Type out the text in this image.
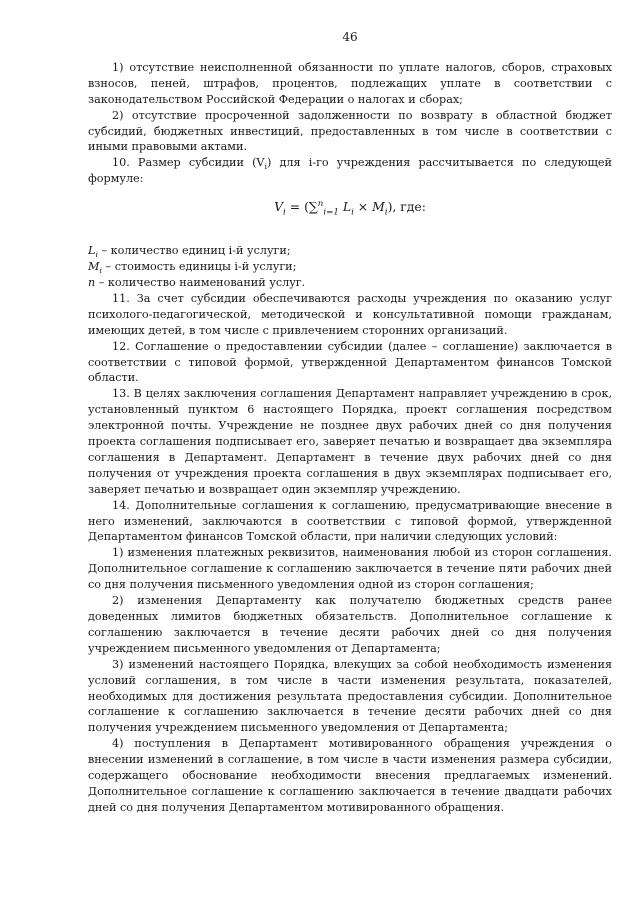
46

1) отсутствие неисполненной обязанности по уплате налогов, сборов, страховых взносов, пеней, штрафов, процентов, подлежащих уплате в соответствии с законодательством Российской Федерации о налогах и сборах;

2) отсутствие просроченной задолженности по возврату в областной бюджет субсидий, бюджетных инвестиций, предоставленных в том числе в соответствии с иными правовыми актами.

10. Размер субсидии $(V_i)$ для i-го учреждения рассчитывается по следующей формуле:

$V_i = (\sum^n_{i=1}$ $L_i \times M_i$), где:

$L_i$ – количество единиц i-й услуги;

$M_i$ – стоимость единицы i-й услуги;

n – количество наименований услуг.

11. За счет субсидии обеспечиваются расходы учреждения по оказанию услуг психолого-педагогической, методической и консультативной помощи гражданам, имеющих детей, в том числе с привлечением сторонних организаций.

12. Соглашение о предоставлении субсидии (далее – соглашение) заключается в соответствии с типовой формой, утвержденной Департаментом финансов Томской области.

13. В целях заключения соглашения Департамент направляет учреждению в срок, установленный пунктом 6 настоящего Порядка, проект соглашения посредством электронной почты. Учреждение не позднее двух рабочих дней со дня получения проекта соглашения подписывает его, заверяет печатью и возвращает два экземпляра соглашения в Департамент. Департамент в течение двух рабочих дней со дня получения от учреждения проекта соглашения в двух экземплярах подписывает его, заверяет печатью и возвращает один экземпляр учреждению.

14. Дополнительные соглашения к соглашению, предусматривающие внесение в него изменений, заключаются в соответствии с типовой формой, утвержденной Департаментом финансов Томской области, при наличии следующих условий:

1) изменения платежных реквизитов, наименования любой из сторон соглашения. Дополнительное соглашение к соглашению заключается в течение пяти рабочих дней со дня получения письменного уведомления одной из сторон соглашения;

2) изменения Департаменту как получателю бюджетных средств ранее доведенных лимитов бюджетных обязательств. Дополнительное соглашение к соглашению заключается в течение десяти рабочих дней со дня получения учреждением письменного уведомления от Департамента;

3) изменений настоящего Порядка, влекущих за собой необходимость изменения условий соглашения, в том числе в части изменения результата, показателей, необходимых для достижения результата предоставления субсидии. Дополнительное соглашение к соглашению заключается в течение десяти рабочих дней со дня получения учреждением письменного уведомления от Департамента;

4) поступления в Департамент мотивированного обращения учреждения о внесении изменений в соглашение, в том числе в части изменения размера субсидии, содержащего обоснование необходимости внесения предлагаемых изменений. Дополнительное соглашение к соглашению заключается в течение двадцати рабочих дней со дня получения Департаментом мотивированного обращения.
